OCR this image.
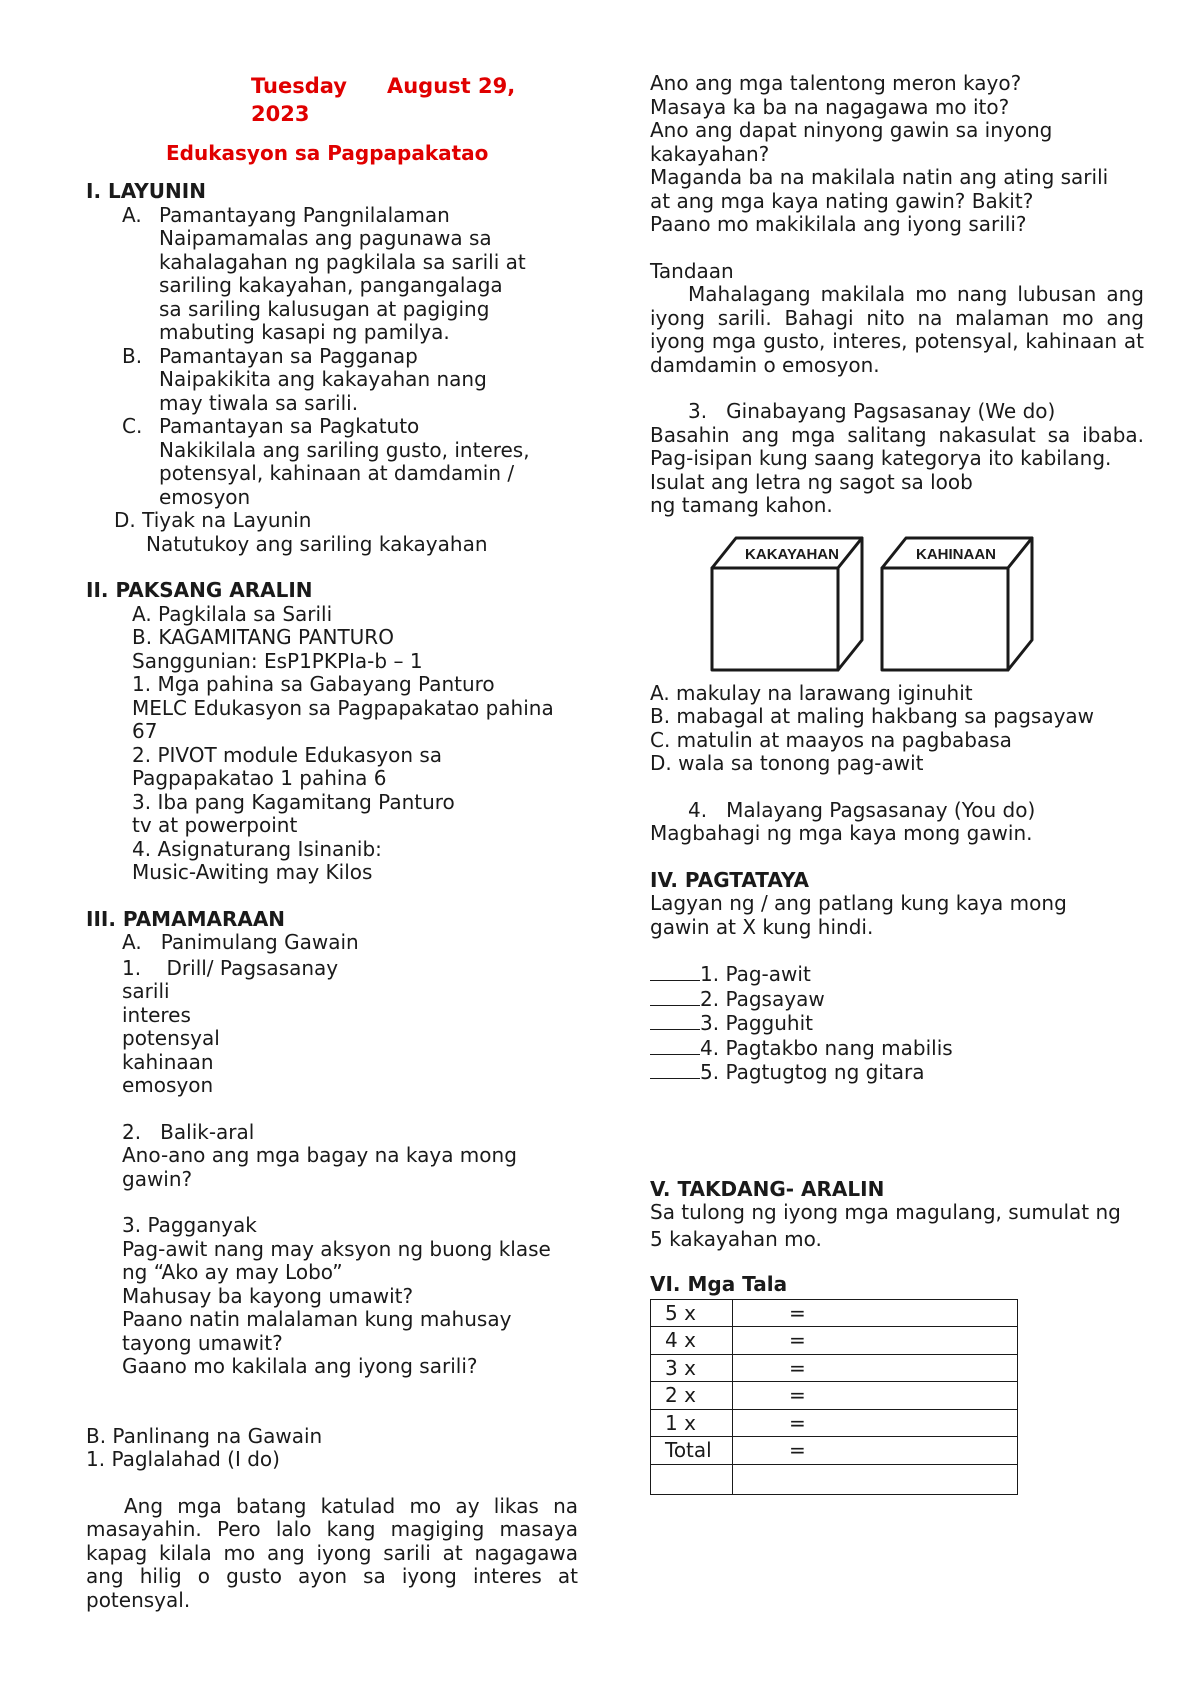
Tuesday August 29, 2023
Edukasyon sa Pagpapakatao

I. LAYUNIN

A. Pamantayang Pangnilalaman

Naipamamalas ang pagunawa sa

kahalagahan ng pagkilala sa sarili at

sariling kakayahan, pangangalaga

sa sariling kalusugan at pagiging

mabuting kasapi ng pamilya.

B. Pamantayan sa Pagganap

Naipakikita ang kakayahan nang

may tiwala sa sarili.

C. Pamantayan sa Pagkatuto

Nakikilala ang sariling gusto, interes,

potensyal, kahinaan at damdamin /

emosyon

D. Tiyak na Layunin

Natutukoy ang sariling kakayahan

II. PAKSANG ARALIN

A. Pagkilala sa Sarili

B. KAGAMITANG PANTURO

Sanggunian: EsP1PKPIa-b – 1

1. Mga pahina sa Gabayang Panturo

MELC Edukasyon sa Pagpapakatao pahina

67

2. PIVOT module Edukasyon sa

Pagpapakatao 1 pahina 6

3. Iba pang Kagamitang Panturo

tv at powerpoint

4. Asignaturang Isinanib:

Music-Awiting may Kilos

III. PAMAMARAAN

A.   Panimulang Gawain

1.    Drill/ Pagsasanay

sarili

interes

potensyal

kahinaan

emosyon

2.   Balik-aral

Ano-ano ang mga bagay na kaya mong

gawin?

3. Pagganyak

Pag-awit nang may aksyon ng buong klase

ng “Ako ay may Lobo”

Mahusay ba kayong umawit?

Paano natin malalaman kung mahusay

tayong umawit?

Gaano mo kakilala ang iyong sarili?

B. Panlinang na Gawain

1. Paglalahad (I do)

Ang mga batang katulad mo ay likas na masayahin. Pero lalo kang magiging masaya kapag kilala mo ang iyong sarili at nagagawa ang hilig o gusto ayon sa iyong interes at potensyal.

Ano ang mga talentong meron kayo?

Masaya ka ba na nagagawa mo ito?

Ano ang dapat ninyong gawin sa inyong

kakayahan?

Maganda ba na makilala natin ang ating sarili

at ang mga kaya nating gawin? Bakit?

Paano mo makikilala ang iyong sarili?

Tandaan

Mahalagang makilala mo nang lubusan ang iyong sarili. Bahagi nito na malaman mo ang iyong mga gusto, interes, potensyal, kahinaan at damdamin o emosyon.

3.   Ginabayang Pagsasanay (We do)

Basahin ang mga salitang nakasulat sa ibaba. Pag-isipan kung saang kategorya ito kabilang.

Isulat ang letra ng sagot sa loob

ng tamang kahon.

KAKAYAHAN	KAHINAAN

A. makulay na larawang iginuhit

B. mabagal at maling hakbang sa pagsayaw

C. matulin at maayos na pagbabasa

D. wala sa tonong pag-awit

4.   Malayang Pagsasanay (You do)

Magbahagi ng mga kaya mong gawin.

IV. PAGTATAYA

Lagyan ng / ang patlang kung kaya mong

gawin at X kung hindi.

1. Pag-awit

2. Pagsayaw

3. Pagguhit

4. Pagtakbo nang mabilis

5. Pagtugtog ng gitara

V. TAKDANG- ARALIN

Sa tulong ng iyong mga magulang, sumulat ng

5 kakayahan mo.

VI. Mga Tala

5 x	=
4 x	=
3 x	=
2 x	=
1 x	=
Total	=
